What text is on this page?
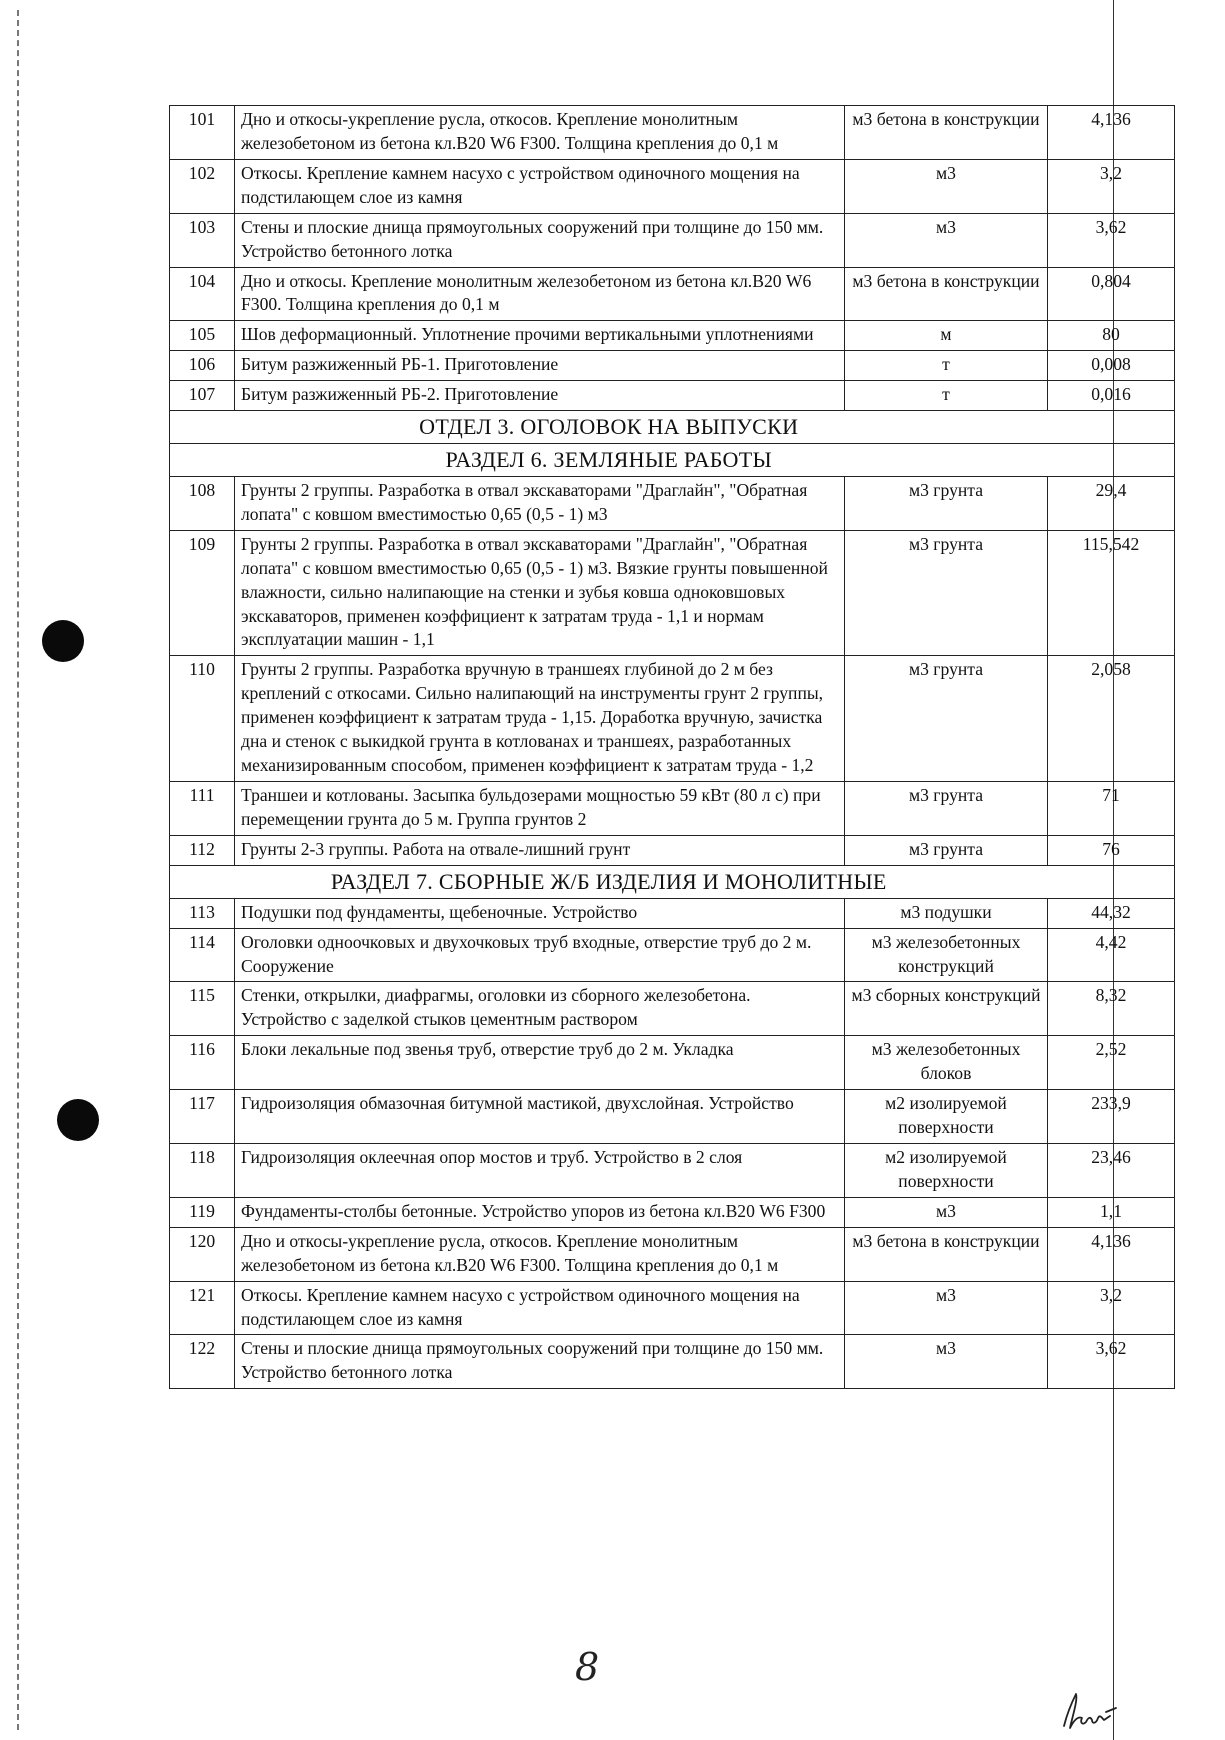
101	Дно и откосы-укрепление русла, откосов. Крепление монолитным железобетоном из бетона кл.В20 W6 F300. Толщина крепления до 0,1 м	м3 бетона в конструкции	4,136
102	Откосы. Крепление камнем насухо с устройством одиночного мощения на подстилающем слое из камня	м3	3,2
103	Стены и плоские днища прямоугольных сооружений при толщине до 150 мм. Устройство бетонного лотка	м3	3,62
104	Дно и откосы. Крепление монолитным железобетоном из бетона кл.В20 W6 F300. Толщина крепления до 0,1 м	м3 бетона в конструкции	0,804
105	Шов деформационный. Уплотнение прочими вертикальными уплотнениями	м	80
106	Битум разжиженный РБ-1. Приготовление	т	0,008
107	Битум разжиженный РБ-2. Приготовление	т	0,016
ОТДЕЛ 3. ОГОЛОВОК НА ВЫПУСКИ			
РАЗДЕЛ 6. ЗЕМЛЯНЫЕ РАБОТЫ			
108	Грунты 2 группы. Разработка в отвал экскаваторами "Драглайн", "Обратная лопата" с ковшом вместимостью 0,65 (0,5 - 1) м3	м3 грунта	29,4
109	Грунты 2 группы. Разработка в отвал экскаваторами "Драглайн", "Обратная лопата" с ковшом вместимостью 0,65 (0,5 - 1) м3. Вязкие грунты повышенной влажности, сильно налипающие на стенки и зубья ковша одноковшовых экскаваторов, применен коэффициент к затратам труда - 1,1 и нормам эксплуатации машин - 1,1	м3 грунта	115,542
110	Грунты 2 группы. Разработка вручную в траншеях глубиной до 2 м без креплений с откосами. Сильно налипающий на инструменты грунт 2 группы, применен коэффициент к затратам труда - 1,15. Доработка вручную, зачистка дна и стенок с выкидкой грунта в котлованах и траншеях, разработанных механизированным способом, применен коэффициент к затратам труда - 1,2	м3 грунта	2,058
111	Траншеи и котлованы. Засыпка бульдозерами мощностью 59 кВт (80 л с) при перемещении грунта до 5 м. Группа грунтов 2	м3 грунта	71
112	Грунты 2-3 группы. Работа на отвале-лишний грунт	м3 грунта	76
РАЗДЕЛ 7. СБОРНЫЕ Ж/Б ИЗДЕЛИЯ И МОНОЛИТНЫЕ			
113	Подушки под фундаменты, щебеночные. Устройство	м3 подушки	44,32
114	Оголовки одноочковых и двухочковых труб входные, отверстие труб до 2 м. Сооружение	м3 железобетонных конструкций	4,42
115	Стенки, открылки, диафрагмы, оголовки из сборного железобетона. Устройство с заделкой стыков цементным раствором	м3 сборных конструкций	8,32
116	Блоки лекальные под звенья труб, отверстие труб до 2 м. Укладка	м3 железобетонных блоков	2,52
117	Гидроизоляция обмазочная битумной мастикой, двухслойная. Устройство	м2 изолируемой поверхности	233,9
118	Гидроизоляция оклеечная опор мостов и труб. Устройство в 2 слоя	м2 изолируемой поверхности	23,46
119	Фундаменты-столбы бетонные. Устройство упоров из бетона кл.В20 W6 F300	м3	1,1
120	Дно и откосы-укрепление русла, откосов. Крепление монолитным железобетоном из бетона кл.В20 W6 F300. Толщина крепления до 0,1 м	м3 бетона в конструкции	4,136
121	Откосы. Крепление камнем насухо с устройством одиночного мощения на подстилающем слое из камня	м3	3,2
122	Стены и плоские днища прямоугольных сооружений при толщине до 150 мм. Устройство бетонного лотка	м3	3,62
8
